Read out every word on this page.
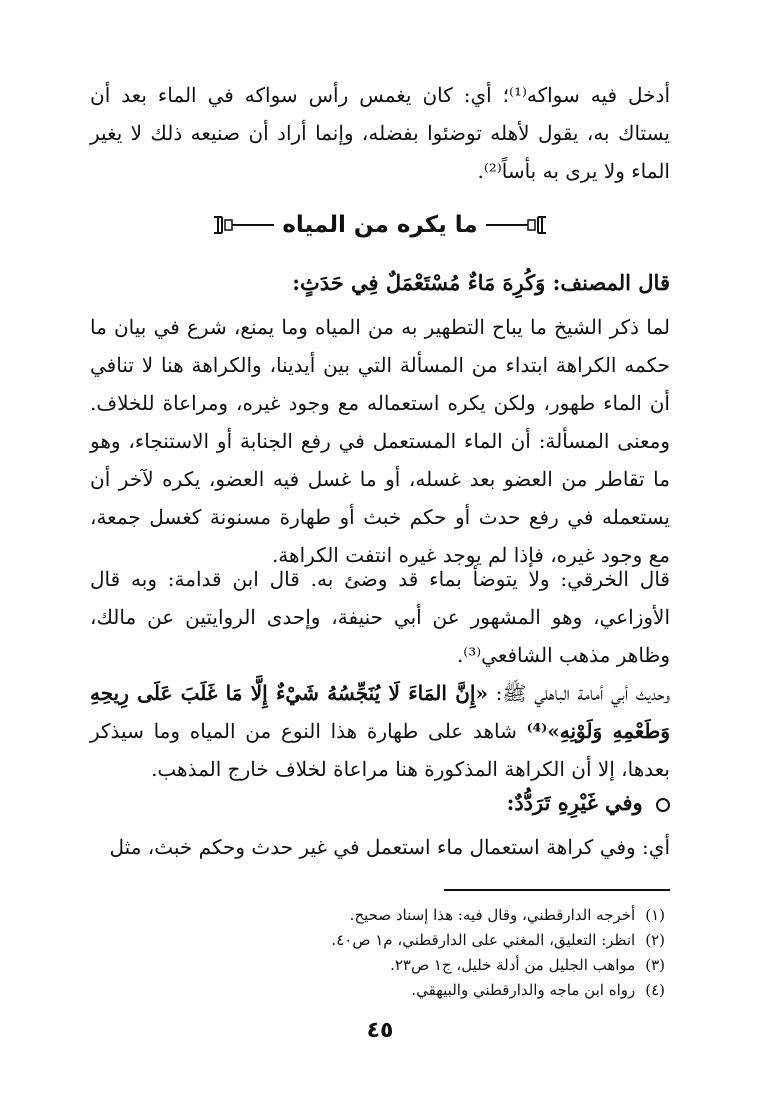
أدخل فيه سواكه⁽¹⁾؛ أي: كان يغمس رأس سواكه في الماء بعد أن يستاك به، يقول لأهله توضئوا بفضله، وإنما أراد أن صنيعه ذلك لا يغير الماء ولا يرى به بأساً⁽²⁾.

ما يكره من المياه
قال المصنف: وَكُرِهَ مَاءٌ مُسْتَعْمَلٌ فِي حَدَثٍ:

لما ذكر الشيخ ما يباح التطهير به من المياه وما يمنع، شرع في بيان ما حكمه الكراهة ابتداء من المسألة التي بين أيدينا، والكراهة هنا لا تنافي أن الماء طهور، ولكن يكره استعماله مع وجود غيره، ومراعاة للخلاف. ومعنى المسألة: أن الماء المستعمل في رفع الجنابة أو الاستنجاء، وهو ما تقاطر من العضو بعد غسله، أو ما غسل فيه العضو، يكره لآخر أن يستعمله في رفع حدث أو حكم خبث أو طهارة مسنونة كغسل جمعة، مع وجود غيره، فإذا لم يوجد غيره انتفت الكراهة.

قال الخرقي: ولا يتوضأ بماء قد وضئ به. قال ابن قدامة: وبه قال الأوزاعي، وهو المشهور عن أبي حنيفة، وإحدى الروايتين عن مالك، وظاهر مذهب الشافعي⁽³⁾.

وحديث أبي أمامة الباهلي ﷺ: «إِنَّ المَاءَ لَا يُنَجِّسُهُ شَيْءٌ إِلَّا مَا غَلَبَ عَلَى رِيحِهِ وَطَعْمِهِ وَلَوْنِهِ»⁽⁴⁾ شاهد على طهارة هذا النوع من المياه وما سيذكر بعدها، إلا أن الكراهة المذكورة هنا مراعاة لخلاف خارج المذهب.

وفي غَيْرِهِ تَرَدُّدٌ:

أي: وفي كراهة استعمال ماء استعمل في غير حدث وحكم خبث، مثل

(١)
أخرجه الدارقطني، وقال فيه: هذا إسناد صحيح.
(٢)
انظر: التعليق، المغني على الدارقطني، م١ ص٤٠.
(٣)
مواهب الجليل من أدلة خليل، ج١ ص٢٣.
(٤)
رواه ابن ماجه والدارقطني والبيهقي.
٤٥
